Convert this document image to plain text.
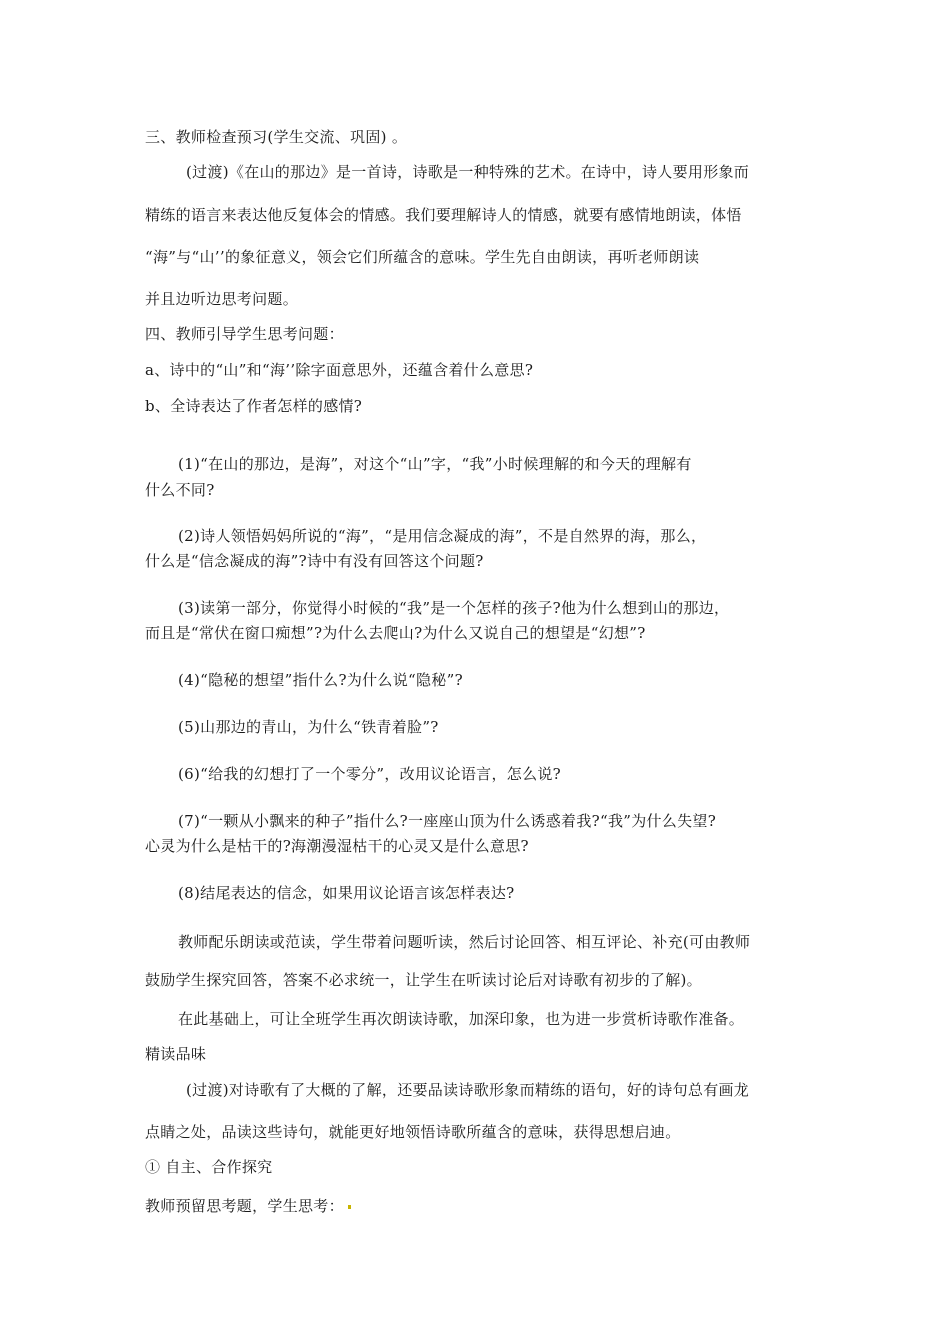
三、教师检查预习(学生交流、巩固) 。
(过渡)《在山的那边》是一首诗，诗歌是一种特殊的艺术。在诗中，诗人要用形象而
精练的语言来表达他反复体会的情感。我们要理解诗人的情感，就要有感情地朗读，体悟
“海”与“山’’的象征意义，领会它们所蕴含的意味。学生先自由朗读，再听老师朗读
并且边听边思考问题。
四、教师引导学生思考问题：
a、诗中的“山”和“海’’除字面意思外，还蕴含着什么意思?
b、全诗表达了作者怎样的感情?
(1)“在山的那边，是海”，对这个“山”字，“我”小时候理解的和今天的理解有
什么不同?
(2)诗人领悟妈妈所说的“海”，“是用信念凝成的海”，不是自然界的海，那么，
什么是“信念凝成的海”?诗中有没有回答这个问题?
(3)读第一部分，你觉得小时候的“我”是一个怎样的孩子?他为什么想到山的那边，
而且是“常伏在窗口痴想”?为什么去爬山?为什么又说自己的想望是“幻想”?
(4)“隐秘的想望”指什么?为什么说“隐秘”?
(5)山那边的青山，为什么“铁青着脸”?
(6)“给我的幻想打了一个零分”，改用议论语言，怎么说?
(7)“一颗从小飘来的种子”指什么?一座座山顶为什么诱惑着我?“我”为什么失望?
心灵为什么是枯干的?海潮漫湿枯干的心灵又是什么意思?
(8)结尾表达的信念，如果用议论语言该怎样表达?
教师配乐朗读或范读，学生带着问题听读，然后讨论回答、相互评论、补充(可由教师
鼓励学生探究回答，答案不必求统一，让学生在听读讨论后对诗歌有初步的了解)。
在此基础上，可让全班学生再次朗读诗歌，加深印象，也为进一步赏析诗歌作准备。
精读品味
(过渡)对诗歌有了大概的了解，还要品读诗歌形象而精练的语句，好的诗句总有画龙
点睛之处，品读这些诗句，就能更好地领悟诗歌所蕴含的意味，获得思想启迪。
① 自主、合作探究
教师预留思考题，学生思考：
